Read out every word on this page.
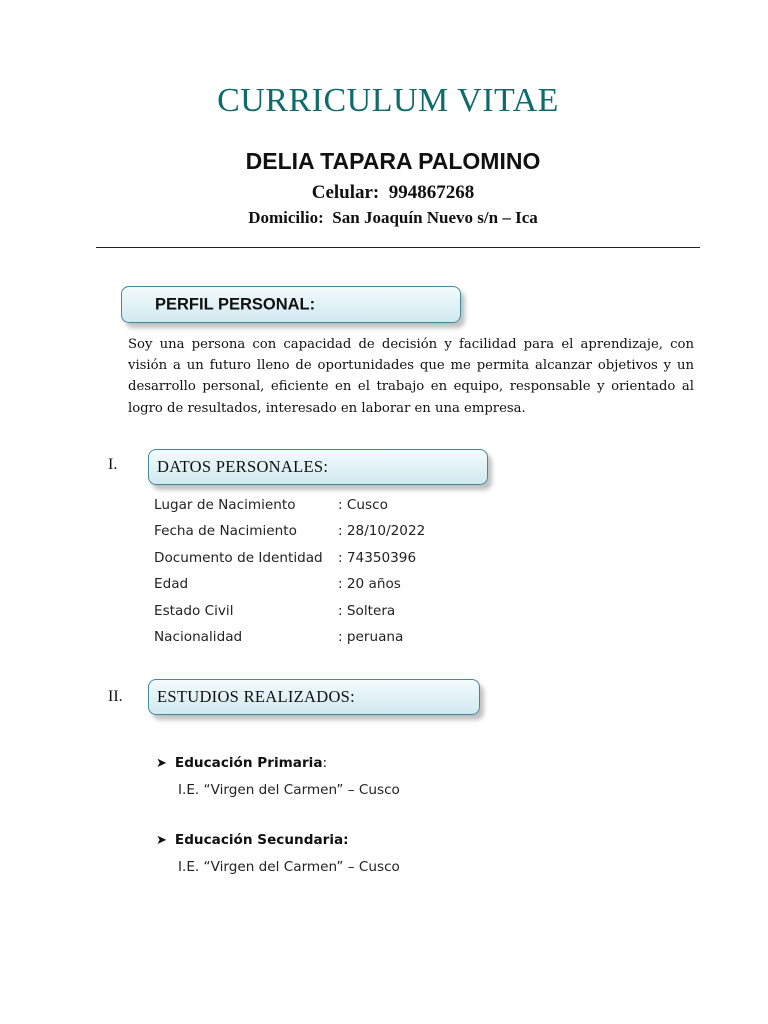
CURRICULUM VITAE
DELIA TAPARA PALOMINO
Celular: 994867268
Domicilio:  San Joaquín Nuevo s/n – Ica
PERFIL PERSONAL:
Soy una persona con capacidad de decisión y facilidad para el aprendizaje, con visión a un futuro lleno de oportunidades que me permita alcanzar objetivos y un desarrollo personal, eficiente en el trabajo en equipo, responsable y orientado al logro de resultados, interesado en laborar en una empresa.
I. DATOS PERSONALES:
Lugar de Nacimiento	: Cusco
Fecha de Nacimiento	: 28/10/2022
Documento de Identidad	: 74350396
Edad	: 20 años
Estado Civil	: Soltera
Nacionalidad	: peruana
II. ESTUDIOS REALIZADOS:
➤ Educación Primaria:
I.E. “Virgen del Carmen” – Cusco
➤ Educación Secundaria:
I.E. “Virgen del Carmen” – Cusco
